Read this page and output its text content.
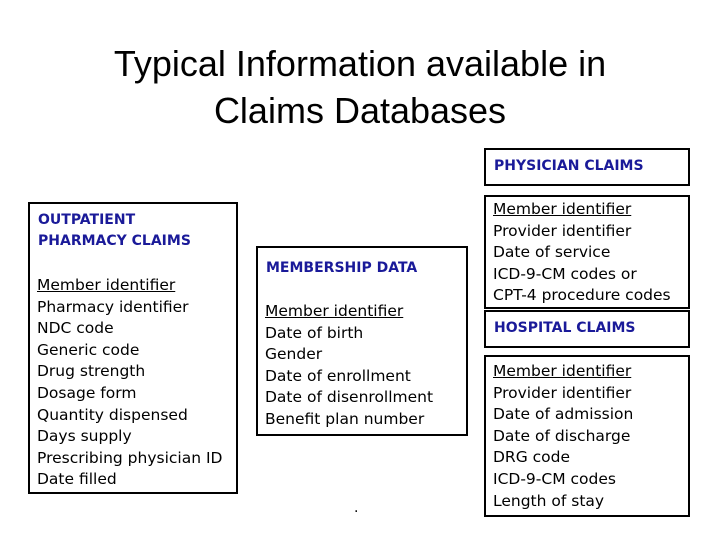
Typical Information available in
Claims Databases
PHYSICIAN CLAIMS
Member identifier
Provider identifier
Date of service
ICD-9-CM codes or
CPT-4 procedure codes
OUTPATIENT
PHARMACY CLAIMS
Member identifier
Pharmacy identifier
NDC code
Generic code
Drug strength
Dosage form
Quantity dispensed
Days supply
Prescribing physician ID
Date filled
MEMBERSHIP DATA
Member identifier
Date of birth
Gender
Date of enrollment
Date of disenrollment
Benefit plan number
HOSPITAL CLAIMS
Member identifier
Provider identifier
Date of admission
Date of discharge
DRG code
ICD-9-CM codes
Length of stay
.
